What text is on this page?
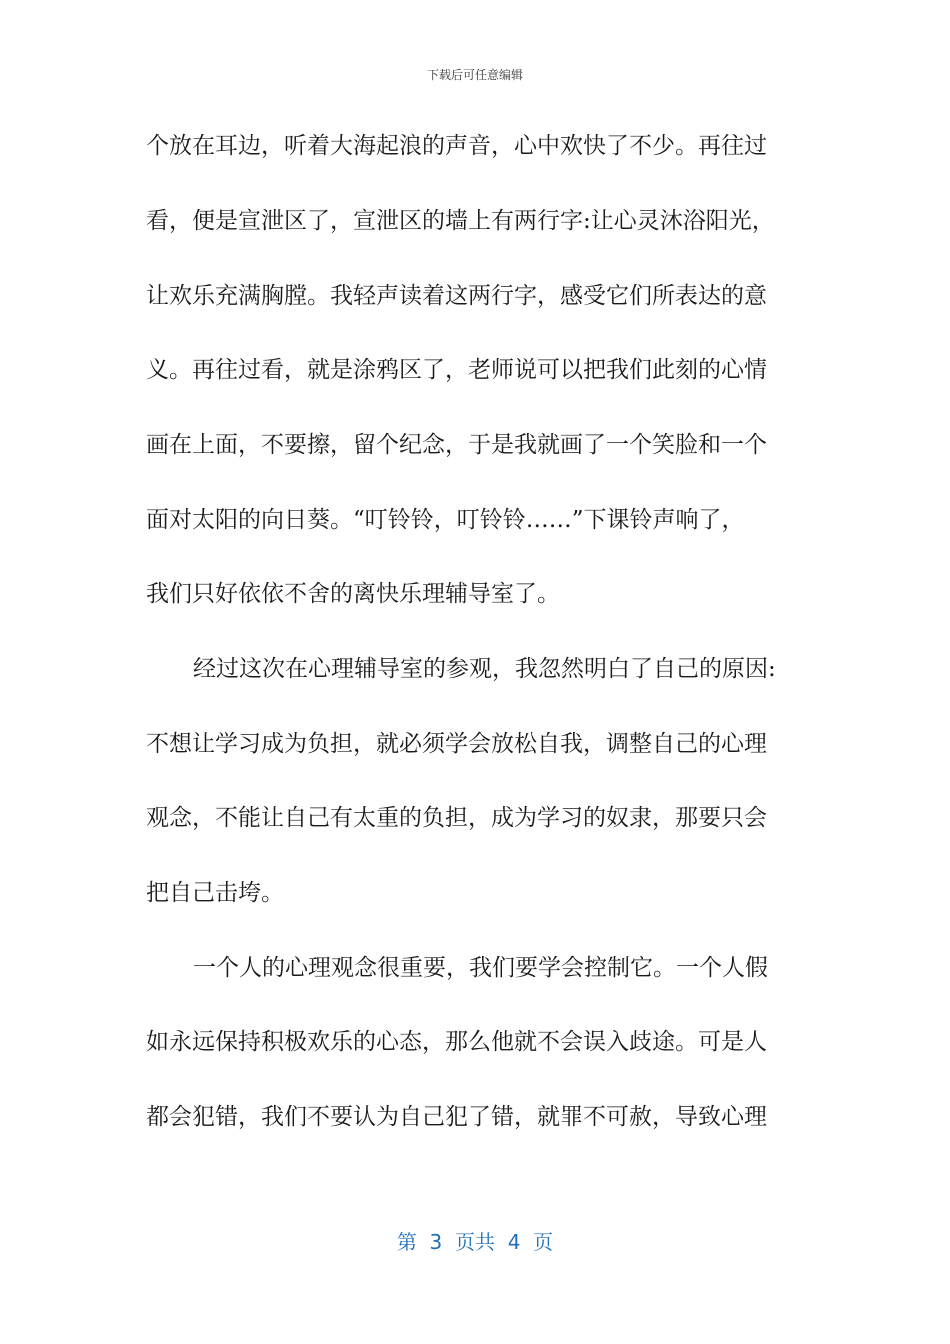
下载后可任意编辑
个放在耳边，听着大海起浪的声音，心中欢快了不少。再往过
看，便是宣泄区了，宣泄区的墙上有两行字:让心灵沐浴阳光，
让欢乐充满胸膛。我轻声读着这两行字，感受它们所表达的意
义。再往过看，就是涂鸦区了，老师说可以把我们此刻的心情
画在上面，不要擦，留个纪念，于是我就画了一个笑脸和一个
面对太阳的向日葵。“叮铃铃，叮铃铃……”下课铃声响了，
我们只好依依不舍的离快乐理辅导室了。
经过这次在心理辅导室的参观，我忽然明白了自己的原因:
不想让学习成为负担，就必须学会放松自我，调整自己的心理
观念，不能让自己有太重的负担，成为学习的奴隶，那要只会
把自己击垮。
一个人的心理观念很重要，我们要学会控制它。一个人假
如永远保持积极欢乐的心态，那么他就不会误入歧途。可是人
都会犯错，我们不要认为自己犯了错，就罪不可赦，导致心理
第  3  页共  4  页
